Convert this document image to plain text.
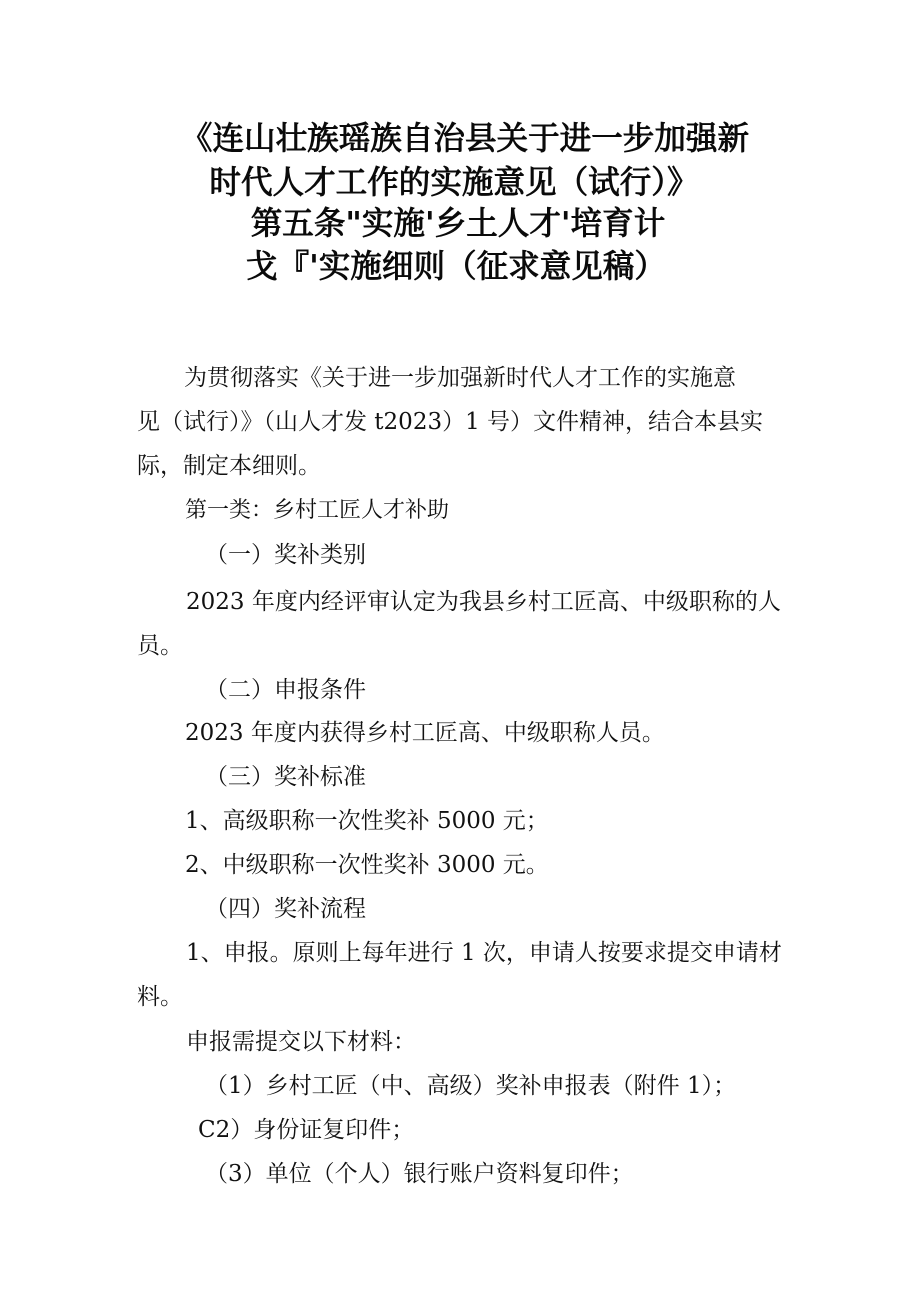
《连山壮族瑶族自治县关于进一步加强新
时代人才工作的实施意见（试行）》
第五条"实施'乡土人才'培育计
戈『'实施细则（征求意见稿）
为贯彻落实《关于进一步加强新时代人才工作的实施意
见（试行）》（山人才发 t2023）1 号）文件精神，结合本县实
际，制定本细则。
第一类：乡村工匠人才补助
（一）奖补类别
2023 年度内经评审认定为我县乡村工匠高、中级职称的人
员。
（二）申报条件
2023 年度内获得乡村工匠高、中级职称人员。
（三）奖补标准
1、高级职称一次性奖补 5000 元；
2、中级职称一次性奖补 3000 元。
（四）奖补流程
1、申报。原则上每年进行 1 次，申请人按要求提交申请材
料。
申报需提交以下材料：
（1）乡村工匠（中、高级）奖补申报表（附件 1）；
C2）身份证复印件；
（3）单位（个人）银行账户资料复印件；
